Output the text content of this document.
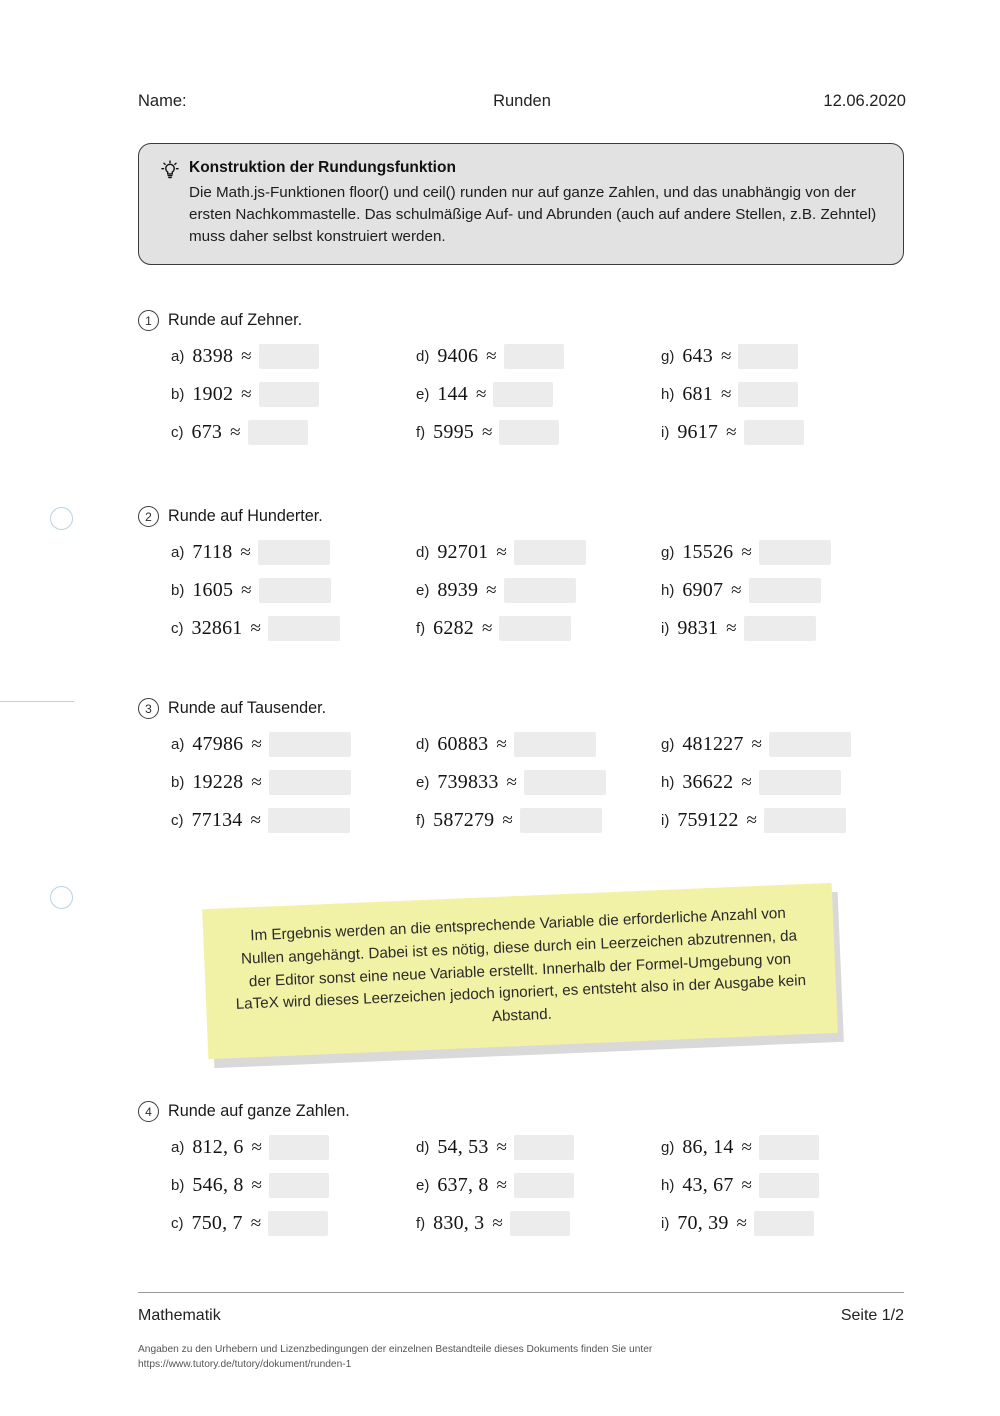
Name:	Runden	12.06.2020
Konstruktion der Rundungsfunktion
Die Math.js-Funktionen floor() und ceil() runden nur auf ganze Zahlen, und das unabhängig von der ersten Nachkommastelle. Das schulmäßige Auf- und Abrunden (auch auf andere Stellen, z.B. Zehntel) muss daher selbst konstruiert werden.
1 Runde auf Zehner.
a) 8398 ≈	d) 9406 ≈	g) 643 ≈
b) 1902 ≈	e) 144 ≈	h) 681 ≈
c) 673 ≈	f) 5995 ≈	i) 9617 ≈
2 Runde auf Hunderter.
a) 7118 ≈	d) 92701 ≈	g) 15526 ≈
b) 1605 ≈	e) 8939 ≈	h) 6907 ≈
c) 32861 ≈	f) 6282 ≈	i) 9831 ≈
3 Runde auf Tausender.
a) 47986 ≈	d) 60883 ≈	g) 481227 ≈
b) 19228 ≈	e) 739833 ≈	h) 36622 ≈
c) 77134 ≈	f) 587279 ≈	i) 759122 ≈
Im Ergebnis werden an die entsprechende Variable die erforderliche Anzahl von Nullen angehängt. Dabei ist es nötig, diese durch ein Leerzeichen abzutrennen, da der Editor sonst eine neue Variable erstellt. Innerhalb der Formel-Umgebung von LaTeX wird dieses Leerzeichen jedoch ignoriert, es entsteht also in der Ausgabe kein Abstand.
4 Runde auf ganze Zahlen.
a) 812, 6 ≈	d) 54, 53 ≈	g) 86, 14 ≈
b) 546, 8 ≈	e) 637, 8 ≈	h) 43, 67 ≈
c) 750, 7 ≈	f) 830, 3 ≈	i) 70, 39 ≈
Mathematik	Seite 1/2
Angaben zu den Urhebern und Lizenzbedingungen der einzelnen Bestandteile dieses Dokuments finden Sie unter
https://www.tutory.de/tutory/dokument/runden-1
